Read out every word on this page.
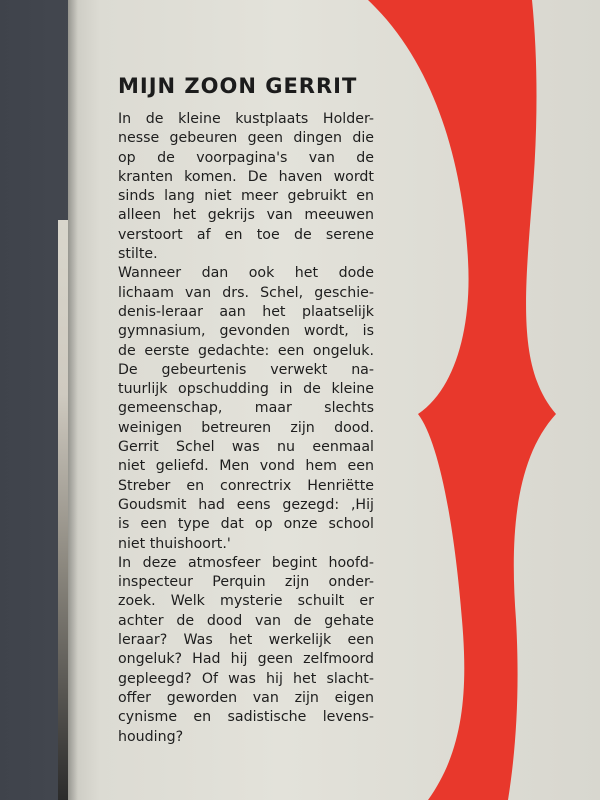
MIJN ZOON GERRIT
In de kleine kustplaats Holder-
nesse gebeuren geen dingen die
op de voorpagina's van de
kranten komen. De haven wordt
sinds lang niet meer gebruikt en
alleen het gekrijs van meeuwen
verstoort af en toe de serene
stilte.
Wanneer dan ook het dode
lichaam van drs. Schel, geschie-
denis-leraar aan het plaatselijk
gymnasium, gevonden wordt, is
de eerste gedachte: een ongeluk.
De gebeurtenis verwekt na-
tuurlijk opschudding in de kleine
gemeenschap, maar slechts
weinigen betreuren zijn dood.
Gerrit Schel was nu eenmaal
niet geliefd. Men vond hem een
Streber en conrectrix Henriëtte
Goudsmit had eens gezegd: ‚Hij
is een type dat op onze school
niet thuishoort.'
In deze atmosfeer begint hoofd-
inspecteur Perquin zijn onder-
zoek. Welk mysterie schuilt er
achter de dood van de gehate
leraar? Was het werkelijk een
ongeluk? Had hij geen zelfmoord
gepleegd? Of was hij het slacht-
offer geworden van zijn eigen
cynisme en sadistische levens-
houding?
